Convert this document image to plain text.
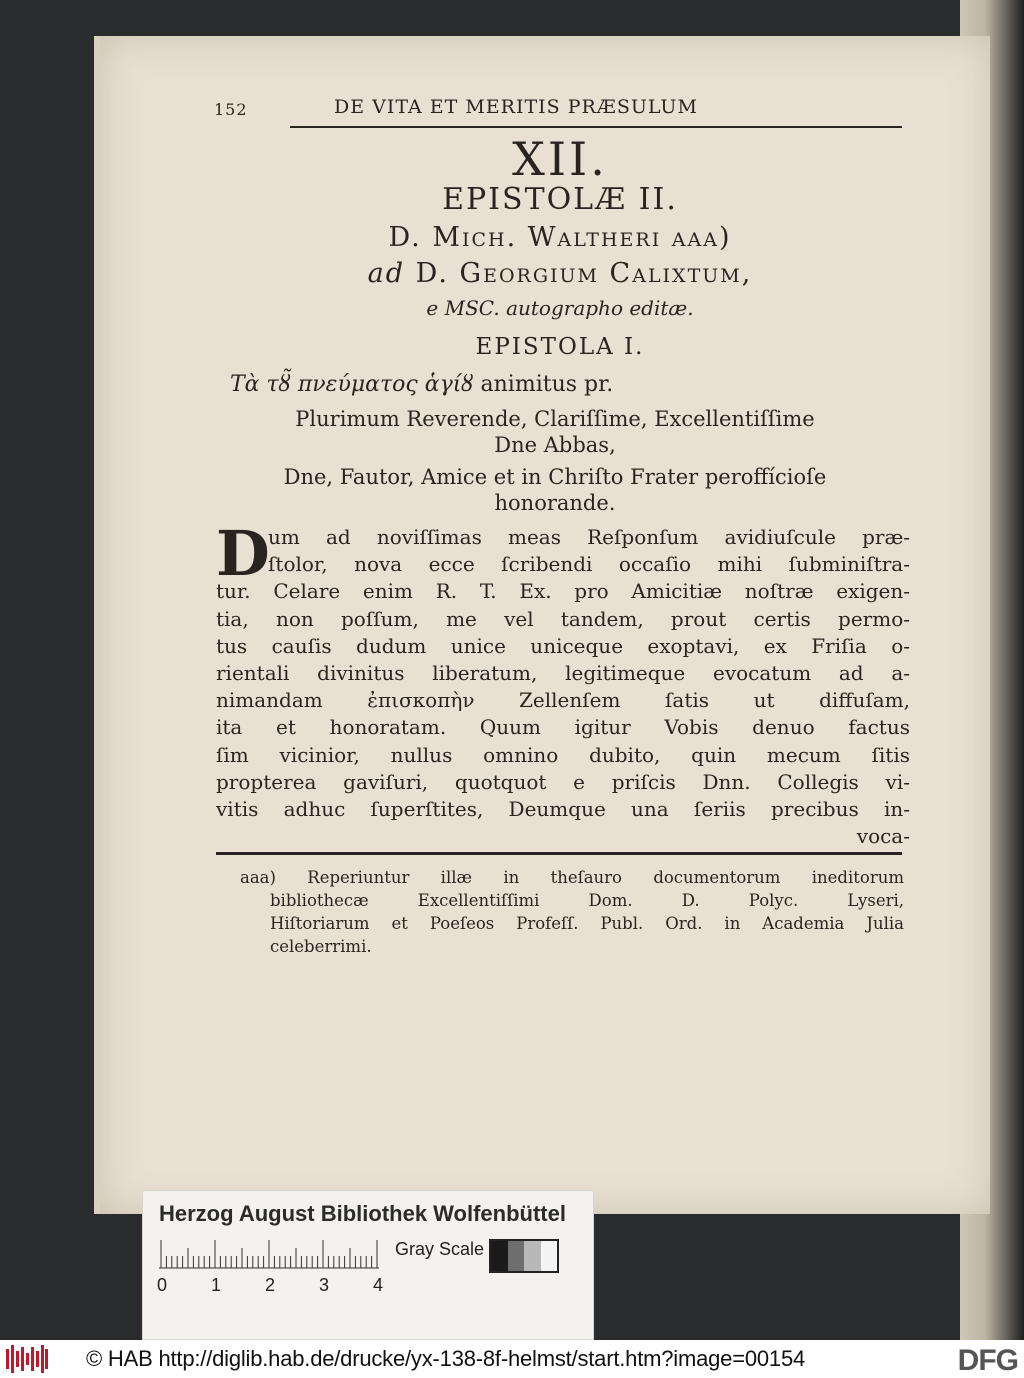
152	DE VITA ET MERITIS PRÆSULUM
XII.
EPISTOLÆ II.
D. Mich. Waltheri aaa)
ad D. Georgium Calixtum,
e MSC. autographo editæ.
EPISTOLA I.
Τὰ τȣ̃ πνεύματος ἁγίȣ animitus pr.
Plurimum Reverende, Clariſſime, Excellentiſſime
Dne Abbas,
Dne, Fautor, Amice et in Chriſto Frater peroffícioſe
honorande.
D
um ad noviſſimas meas Reſponſum avidiuſcule præ-
ſtolor, nova ecce ſcribendi occaſio mihi ſubminiſtra-
tur. Celare enim R. T. Ex. pro Amicitiæ noſtræ exigen-
tia, non poſſum, me vel tandem, prout certis permo-
tus cauſis dudum unice uniceque exoptavi, ex Friſia o-
rientali divinitus liberatum, legitimeque evocatum ad a-
nimandam ἐπισκοπὴν Zellenſem ſatis ut diffuſam,
ita et honoratam. Quum igitur Vobis denuo factus
ſim vicinior, nullus omnino dubito, quin mecum ſitis
propterea gaviſuri, quotquot e priſcis Dnn. Collegis vi-
vitis adhuc ſuperſtites, Deumque una ſeriis precibus in-
voca-
aaa) Reperiuntur illæ in theſauro documentorum ineditorum
bibliothecæ Excellentiſſimi Dom. D. Polyc. Lyseri,
Hiſtoriarum et Poeſeos Profeſſ. Publ. Ord. in Academia Julia
celeberrimi.
Herzog August Bibliothek Wolfenbüttel
0 1 2 3 4
Gray Scale
© HAB http://diglib.hab.de/drucke/yx-138-8f-helmst/start.htm?image=00154	DFG
